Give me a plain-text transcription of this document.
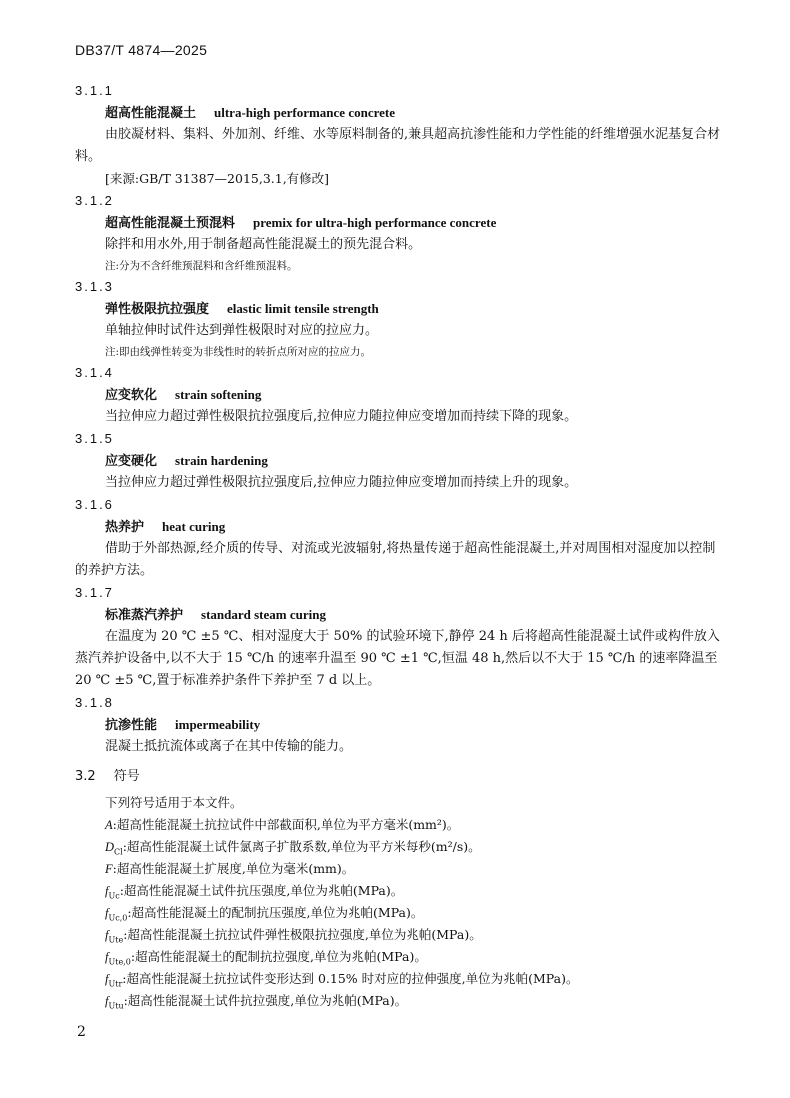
DB37/T 4874—2025
3.1.1
超高性能混凝土 ultra-high performance concrete
由胶凝材料、集料、外加剂、纤维、水等原料制备的,兼具超高抗渗性能和力学性能的纤维增强水泥基复合材料。
[来源:GB/T 31387—2015,3.1,有修改]
3.1.2
超高性能混凝土预混料 premix for ultra-high performance concrete
除拌和用水外,用于制备超高性能混凝土的预先混合料。
注:分为不含纤维预混料和含纤维预混料。
3.1.3
弹性极限抗拉强度 elastic limit tensile strength
单轴拉伸时试件达到弹性极限时对应的拉应力。
注:即由线弹性转变为非线性时的转折点所对应的拉应力。
3.1.4
应变软化 strain softening
当拉伸应力超过弹性极限抗拉强度后,拉伸应力随拉伸应变增加而持续下降的现象。
3.1.5
应变硬化 strain hardening
当拉伸应力超过弹性极限抗拉强度后,拉伸应力随拉伸应变增加而持续上升的现象。
3.1.6
热养护 heat curing
借助于外部热源,经介质的传导、对流或光波辐射,将热量传递于超高性能混凝土,并对周围相对湿度加以控制的养护方法。
3.1.7
标准蒸汽养护 standard steam curing
在温度为 20 ℃ ±5 ℃、相对湿度大于 50% 的试验环境下,静停 24 h 后将超高性能混凝土试件或构件放入蒸汽养护设备中,以不大于 15 ℃/h 的速率升温至 90 ℃ ±1 ℃,恒温 48 h,然后以不大于 15 ℃/h 的速率降温至 20 ℃ ±5 ℃,置于标准养护条件下养护至 7 d 以上。
3.1.8
抗渗性能 impermeability
混凝土抵抗流体或离子在其中传输的能力。
3.2 符号
下列符号适用于本文件。
A:超高性能混凝土抗拉试件中部截面积,单位为平方毫米(mm²)。
$D_{Cl}$:超高性能混凝土试件氯离子扩散系数,单位为平方米每秒(m²/s)。
F:超高性能混凝土扩展度,单位为毫米(mm)。
$f_{Uc}$:超高性能混凝土试件抗压强度,单位为兆帕(MPa)。
$f_{Uc,0}$:超高性能混凝土的配制抗压强度,单位为兆帕(MPa)。
$f_{Ute}$:超高性能混凝土抗拉试件弹性极限抗拉强度,单位为兆帕(MPa)。
$f_{Ute,0}$:超高性能混凝土的配制抗拉强度,单位为兆帕(MPa)。
$f_{Utr}$:超高性能混凝土抗拉试件变形达到 0.15% 时对应的拉伸强度,单位为兆帕(MPa)。
$f_{Utu}$:超高性能混凝土试件抗拉强度,单位为兆帕(MPa)。
2
